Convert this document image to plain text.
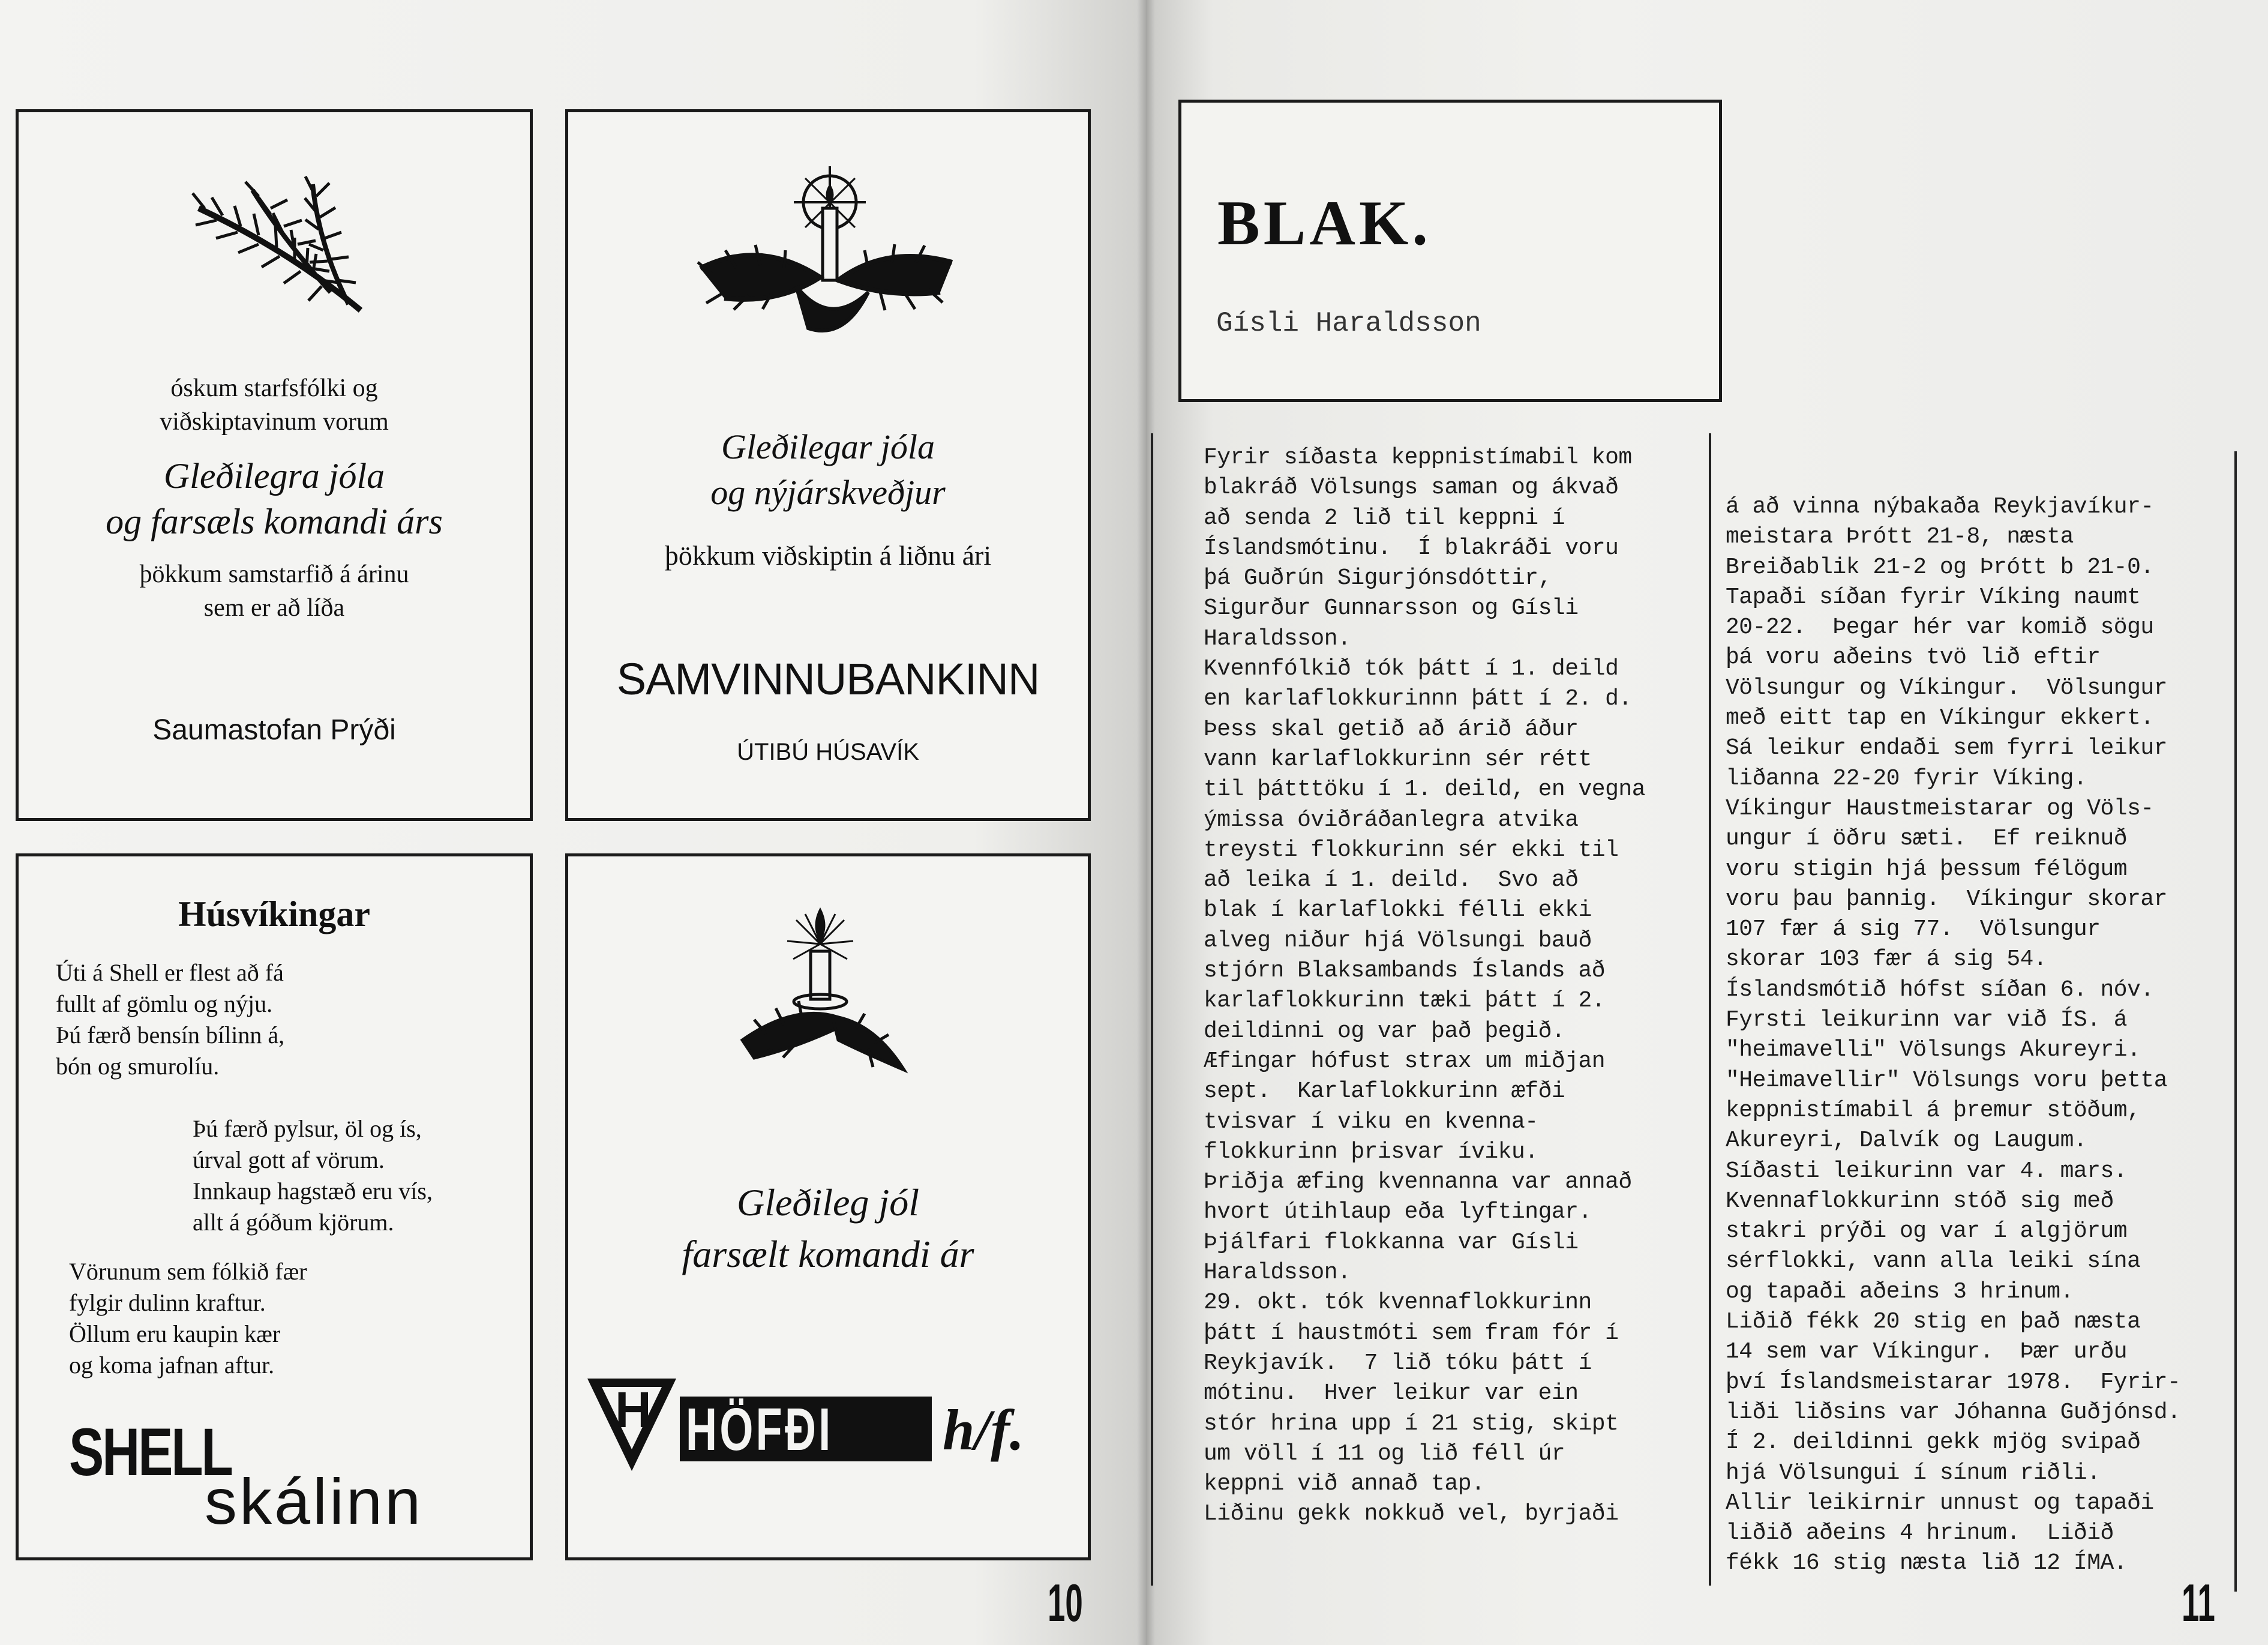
óskum starfsfólki og
viðskiptavinum vorum
Gleðilegra jóla
og farsæls komandi árs
þökkum samstarfið á árinu
sem er að líða
Saumastofan Prýði
Gleðilegar jóla
og nýjárskveðjur
þökkum viðskiptin á liðnu ári
SAMVINNUBANKINN
ÚTIBÚ HÚSAVÍK
Húsvíkingar
Úti á Shell er flest að fá
fullt af gömlu og nýju.
Þú færð bensín bílinn á,
bón og smurolíu.
Þú færð pylsur, öl og ís,
úrval gott af vörum.
Innkaup hagstæð eru vís,
allt á góðum kjörum.
Vörunum sem fólkið fær
fylgir dulinn kraftur.
Öllum eru kaupin kær
og koma jafnan aftur.
SHELL
skálinn
Gleðileg jól
farsælt komandi ár
H HÖFÐI h/f.
10
BLAK.
Gísli Haraldsson
Fyrir síðasta keppnistímabil kom
blakráð Völsungs saman og ákvað
að senda 2 lið til keppni í
Íslandsmótinu.  Í blakráði voru
þá Guðrún Sigurjónsdóttir,
Sigurður Gunnarsson og Gísli
Haraldsson.
Kvennfólkið tók þátt í 1. deild
en karlaflokkurinnn þátt í 2. d.
Þess skal getið að árið áður
vann karlaflokkurinn sér rétt
til þátttöku í 1. deild, en vegna
ýmissa óviðráðanlegra atvika
treysti flokkurinn sér ekki til
að leika í 1. deild.  Svo að
blak í karlaflokki félli ekki
alveg niður hjá Völsungi bauð
stjórn Blaksambands Íslands að
karlaflokkurinn tæki þátt í 2.
deildinni og var það þegið.
Æfingar hófust strax um miðjan
sept.  Karlaflokkurinn æfði
tvisvar í viku en kvenna-
flokkurinn þrisvar íviku.
Þriðja æfing kvennanna var annað
hvort útihlaup eða lyftingar.
Þjálfari flokkanna var Gísli
Haraldsson.
29. okt. tók kvennaflokkurinn
þátt í haustmóti sem fram fór í
Reykjavík.  7 lið tóku þátt í
mótinu.  Hver leikur var ein
stór hrina upp í 21 stig, skipt
um völl í 11 og lið féll úr
keppni við annað tap.
Liðinu gekk nokkuð vel, byrjaði
á að vinna nýbakaða Reykjavíkur-
meistara Þrótt 21-8, næsta
Breiðablik 21-2 og Þrótt b 21-0.
Tapaði síðan fyrir Víking naumt
20-22.  Þegar hér var komið sögu
þá voru aðeins tvö lið eftir
Völsungur og Víkingur.  Völsungur
með eitt tap en Víkingur ekkert.
Sá leikur endaði sem fyrri leikur
liðanna 22-20 fyrir Víking.
Víkingur Haustmeistarar og Völs-
ungur í öðru sæti.  Ef reiknuð
voru stigin hjá þessum félögum
voru þau þannig.  Víkingur skorar
107 fær á sig 77.  Völsungur
skorar 103 fær á sig 54.
Íslandsmótið hófst síðan 6. nóv.
Fyrsti leikurinn var við ÍS. á
"heimavelli" Völsungs Akureyri.
"Heimavellir" Völsungs voru þetta
keppnistímabil á þremur stöðum,
Akureyri, Dalvík og Laugum.
Síðasti leikurinn var 4. mars.
Kvennaflokkurinn stóð sig með
stakri prýði og var í algjörum
sérflokki, vann alla leiki sína
og tapaði aðeins 3 hrinum.
Liðið fékk 20 stig en það næsta
14 sem var Víkingur.  Þær urðu
því Íslandsmeistarar 1978.  Fyrir-
liði liðsins var Jóhanna Guðjónsd.
Í 2. deildinni gekk mjög svipað
hjá Völsungui í sínum riðli.
Allir leikirnir unnust og tapaði
liðið aðeins 4 hrinum.  Liðið
fékk 16 stig næsta lið 12 ÍMA.
11
